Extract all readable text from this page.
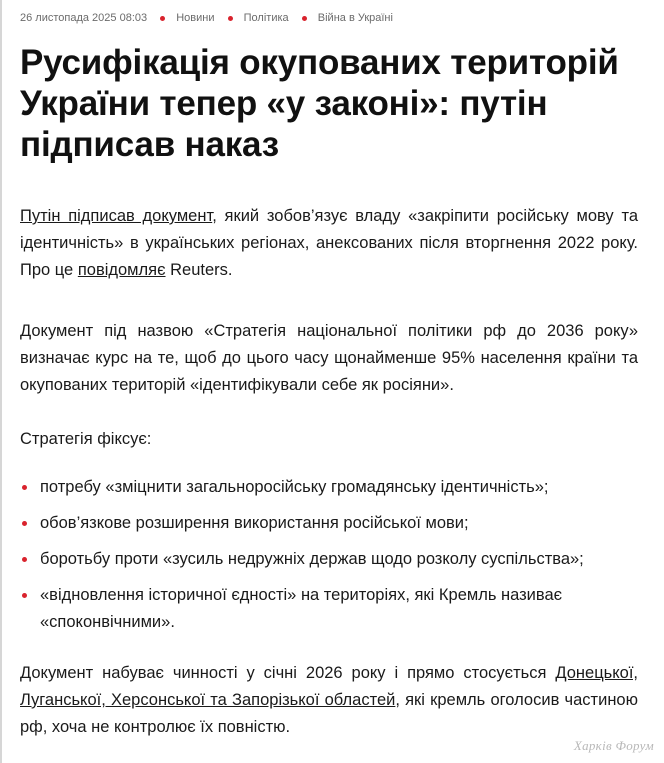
26 листопада 2025 08:03	Новини	Політика	Війна в Україні
Русифікація окупованих територій України тепер «у законі»: путін підписав наказ

Путін підписав документ, який зобов’язує владу «закріпити російську мову та ідентичність» в українських регіонах, анексованих після вторгнення 2022 року. Про це повідомляє Reuters.

Документ під назвою «Стратегія національної політики рф до 2036 року» визначає курс на те, щоб до цього часу щонайменше 95% населення країни та окупованих територій «ідентифікували себе як росіяни».

Стратегія фіксує:

потребу «зміцнити загальноросійську громадянську ідентичність»;
обов’язкове розширення використання російської мови;
боротьбу проти «зусиль недружніх держав щодо розколу суспільства»;
«відновлення історичної єдності» на територіях, які Кремль називає «споконвічними».

Документ набуває чинності у січні 2026 року і прямо стосується Донецької, Луганської, Херсонської та Запорізької областей, які кремль оголосив частиною рф, хоча не контролює їх повністю.

Харків Форум
